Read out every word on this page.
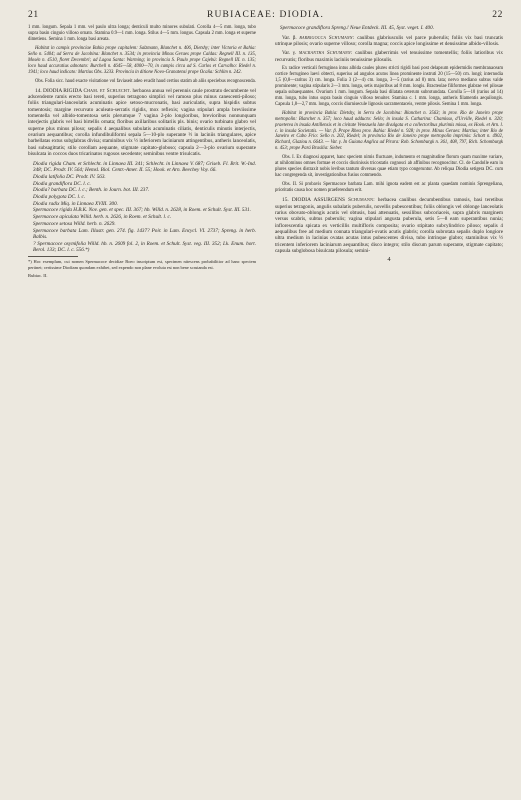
21	RUBIACEAE: DIODIA.	22

1 mm. longum. Sepala 1 mm. vel paulo ultra longa; denticuli multo minores subulati. Corolla 4—5 mm. longa, tubo supra basin cinguio villoso ornato. Stamina 0.9—1 mm. longa. Stilus 4—5 mm. longus. Capsula 2 mm. longa et superne dimetiens. Semina 1 mm. longa basi areata.

Habitat in campis provinciae Bahia prope capitalem: Salzmann, Blanchet n. 406, Dietshy; inter Victoria et Bahia: Sello n. 5404; ad Serra de Jacobina: Blanchet n. 3534; in provincia Minas Geraes prope Caldas: Regnell III. n. 135, Mosén n. 4510, floret Decembri; ad Lagoa Santa: Warming; in provincia S. Paulo prope Cajebú: Regnell III. n. 135; loco haud accuratius adnotato: Burchell n. 4645—58, 4000—70, in campis circa ad S. Carlos et Carvalho: Riedel n. 1941; loco haud indicato: Martius Obs. 3233. Provincia in ditione Novo-Granatensi prope Ocaña: Schlim n. 242.

Obs. Folia sicc. haud exacte visitatione vol faviaseit adeo evadit haud certius statim ab aliis speciebus recognoscenda.

14. DIODIA RIGIDA Cham. et Schlecht. herbacea annua vel perennis caule prostrato decumbente vel adscendente ramis erecto basi tereti, superius tetragono simplici vel ramoso plus minus canescenti-piloso; foliis triangulari-lanceolatis acuminatis apice setoso-mucronatis, basi auriculatis, supra hispidis subtus tomentosis; margine recurvato aculeato-serratis rigidis, mox reflexis; vagina stipulari ampla breviissime tomentella vel albido-tomentosa setis plerumque 7 vagina 2-plo longioribus, brevioribus nonnunquam interjectis glabris vel basi birtellis ornata; floribus axillaribus solitariis pls. binis; ovario turbinato glabro vel superne plus minus piloso; sepalis 4 aequalibus subulatis acuminatis ciliatis, denticulis minutis interjectis, ovarium aequantibus; corolla infundibuliformi sepala 5—10-plo superante ½ in laciniis triangulares, apice barbellatas extus subglabras divisa; staminibus vix ½ inferiorem laciniarum attingentibus, antheris lanceolatis, basi subsagittatis; stilo corollam aequante, stigmate capitato-globoso; capsula 2—3-plo ovarium superante bisulcata in coccos duos tricarinatos rugosos secedente; seminibus ventre trisulcatis.

Diodia rigida Cham. et Schlecht. in Linnaea III. 341; Schlecht. in Linnaea V. 687; Griseb. Fl. Brit. W.-Ind. 348; DC. Prodr. IV. 564; Hemsl. Biol. Centr.-Amer. II. 55; Hook. et Arn. Beechey Voy. 66.

Diodia latifolia DC. Prodr. IV. 563.

Diodia grandiflora DC. l. c.

Diodia? barbata DC. l. c.; Benth. in Journ. bot. III. 237.

Diodia polygota DC. l. c.

Diodia radix Miq. in Linnaea XVIII. 300.

Spermacoce rigida H.B.K. Nov. gen. et spec. III. 367; hb. Willd. n. 2628, in Roem. et Schult. Syst. III. 531.

Spermacoce apiculata Willd. herb. n. 2626, in Roem. et Schult. l. c.

Spermacoce setosa Willd. herb. n. 2629.

Spermacoce barbata Lam. Illustr. gen. 274. fig. 1437? Poir. in Lam. Encycl. VI. 2737; Spreng. in herb. Balbis.

? Spermacoce oxymifolia Willd. hb. n. 2609 fol. 2, in Roem. et Schult. Syst. veg. III. 352; Lk. Enum. hort. Berol. 133; DC. l. c. 556.*)

*) Hoc exemplum, cui nomen Spermacoce decidiae Boeo inscriptum est, specimen nitescens probabilitior ad hanc speciem pertinet; certissime Diodiam quondam exhibet, sed expendo non plane evoluta est non bene scrutanda est.

Rubiac. II.

Spermacoce grandiflora Spreng.! Neue Entdeck. III. 45, Syst. veget. I. 400.

Var. β. barbigocca Schumann: caulibus glabriusculis vel parce puberulis; foliis vix basi truncatis utrinque pilosis; ovario superne villoso; corolla magna; coccis apice longissime et densissime albido-villosis.

Var. γ. macrantha Schumann: caulibus glaberrimis vel tenuissime tomentellis; foliis latioribus vix recurvatis; floribus maximis laciniis tenuissime pilosulis.

Ex radice verticali ferruginea intus albida caules plures stricti rigidi basi post delapsum epidermidis membranaceam cortice ferrugineo laevi obtecti, superius ad angulos acutos linea prominente instruti 20 (15—50) cm. longi; internodia 1,5 (0,8—raritus 3) cm. longa. Folia 3 (2—4) cm. longa, 3—5 (rarius ad 8) mm. lata; nervo mediano subtus valde prominente; vagina stipularis 2—3 mm. longa, setis majoribus ad 8 mm. longis. Bracteolae filiformes glabrae vel pilosae sepala subaequantes. Ovarium 1 mm. longum. Sepala basi dilatata ceterum subrotundata. Corolla 5—10 (rarius ad 14) mm. longa, tubo intus supra basin cinguio villoso tenuiter. Stamina c. 1 mm. longa, antheris filamentis aequilongis. Capsula 1,8—2,7 mm. longa, coccis diurnisecule lignosis sacramentaceis, ventre pilosis. Semina 1 mm. longa.

Habitat in provincia Bahia: Dietshy, in Serra de Jacobina: Blanchet n. 3563; in prov. Rio de Janeiro prope metropolin: Blanchet n. 357; loco haud adducto: Sello; in insula S. Catharina: Chamisso, d'Urville, Riedel n. 320; praeterea in insula Antillensis et in civitate Venezuela late divulgata et a collectoribus plurimis missa, ex Hook. et Arn. l. c. in insula Societatis. — Var. β. Prope Rhea prov. Bahia: Riedel n. 928; in prov. Minas Geraes: Martius; inter Rio de Janeiro et Cabo Frio: Sello n. 202, Riedel; in provincia Rio de Janeiro prope metropolin imprimis: Schott n. 4902, Richard, Glaziou n. 6643. — Var. γ. In Guiana Anglica ad Pirara: Rob. Schomburgk n. 361, 408, 797, Rich. Schomburgk n. 453; prope Pará Brasilia: Sieber.

Obs. I. Ex diagnosi apparet, hanc speciem nimis fluctuare, indumento et magnitudine florum quam maxime variare, at nihilominus omnes formae et coccis diurinissis tricostatis cognosci ab affinibus recognoscitur. Cl. de Candolle eam in plures species distraxit nobis levibus tantum diversas quae etiam typo congeruntur. Ab reliqua Diodia setigera DC. cum hac congregenda sit, investigationibus fusius commendo.

Obs. II. Si probavis Spermacoce barbata Lam. mihi ignota eadem est ac planta quaedam nominis Sprengeliana, prioritatis causa hoc nomen praeferendum erit.

15. DIODIA ASSURGENS Schumann: herbacea caulibus decumbentibus ramosis, basi teretibus superius tetragonis, angulis subalatis puberulis, novellis pubescentibus; foliis oblongis vel oblonge lanceolatis rarius obovato-oblongis acutis vel obtusis, basi attenuatis, sessilibus subcoriaceis, supra glabris marginem versus scabris, subtus puberulis; vagina stipulari angusta puberula, setis 5—8 eam superantibus nunia; inflorescentia spicata ex verticillis multifloris composita; ovario stipitato subcylindrico piloso; sepalis 4 aequalibus free ad medium connata triangulari-ovatis acutis glabris; corolla subrotata sepalis duplo longiore ultra medium in lacinias ovatas acutas intus pubescentes divisa, tubo intrinque glabro; staminibus vix ½ tricentem inferiorem laciniarum aequantibus; disco integro; stilo discum parum superante, stigmate capitato; capsula subglobosa bisulcata pilosula; semini-

4
